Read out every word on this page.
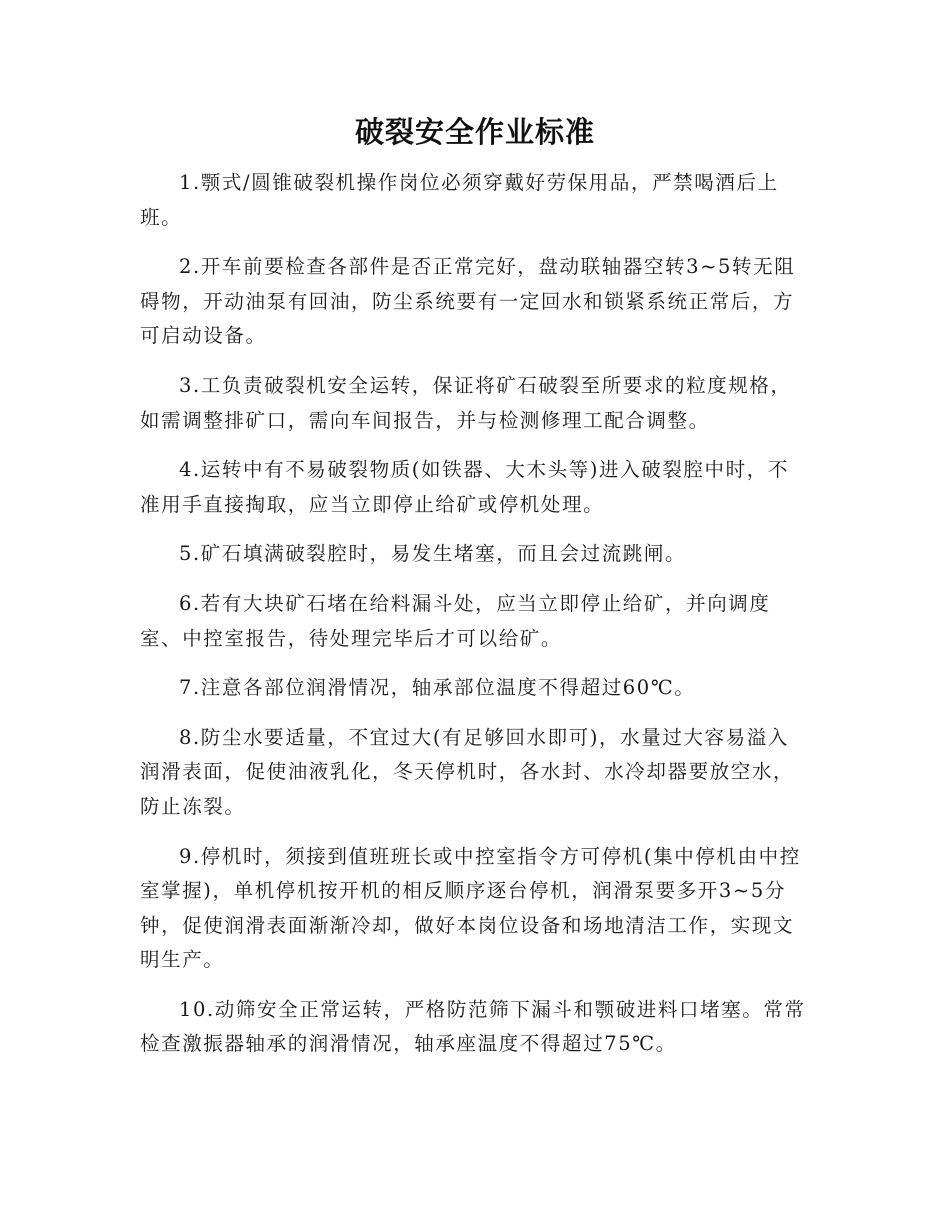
破裂安全作业标准

1.颚式/圆锥破裂机操作岗位必须穿戴好劳保用品，严禁喝酒后上班。

2.开车前要检查各部件是否正常完好，盘动联轴器空转3~5转无阻碍物，开动油泵有回油，防尘系统要有一定回水和锁紧系统正常后，方可启动设备。

3.工负责破裂机安全运转，保证将矿石破裂至所要求的粒度规格，如需调整排矿口，需向车间报告，并与检测修理工配合调整。

4.运转中有不易破裂物质(如铁器、大木头等)进入破裂腔中时，不准用手直接掏取，应当立即停止给矿或停机处理。

5.矿石填满破裂腔时，易发生堵塞，而且会过流跳闸。

6.若有大块矿石堵在给料漏斗处，应当立即停止给矿，并向调度室、中控室报告，待处理完毕后才可以给矿。

7.注意各部位润滑情况，轴承部位温度不得超过60℃。

8.防尘水要适量，不宜过大(有足够回水即可)，水量过大容易溢入润滑表面，促使油液乳化，冬天停机时，各水封、水冷却器要放空水，防止冻裂。

9.停机时，须接到值班班长或中控室指令方可停机(集中停机由中控室掌握)，单机停机按开机的相反顺序逐台停机，润滑泵要多开3~5分钟，促使润滑表面渐渐冷却，做好本岗位设备和场地清洁工作，实现文明生产。

10.动筛安全正常运转，严格防范筛下漏斗和颚破进料口堵塞。常常检查激振器轴承的润滑情况，轴承座温度不得超过75℃。
